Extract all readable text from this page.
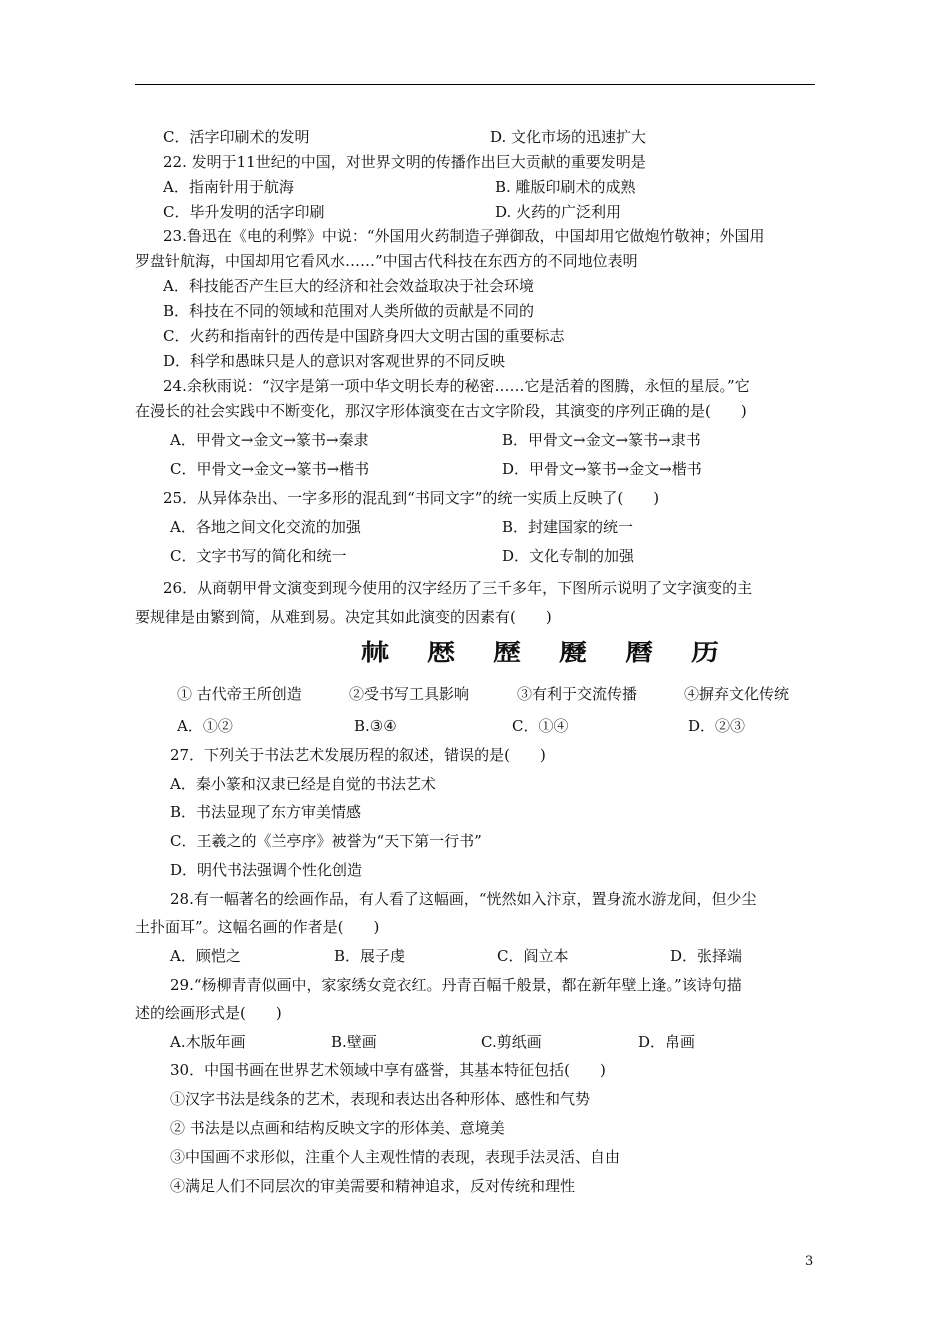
C．活字印刷术的发明	D. 文化市场的迅速扩大
22. 发明于11世纪的中国，对世界文明的传播作出巨大贡献的重要发明是
A．指南针用于航海	B. 雕版印刷术的成熟
C．毕升发明的活字印刷	D. 火药的广泛利用
23.鲁迅在《电的利弊》中说：“外国用火药制造子弹御敌，中国却用它做炮竹敬神；外国用
罗盘针航海，中国却用它看风水……”中国古代科技在东西方的不同地位表明
A．科技能否产生巨大的经济和社会效益取决于社会环境
B．科技在不同的领域和范围对人类所做的贡献是不同的
C．火药和指南针的西传是中国跻身四大文明古国的重要标志
D．科学和愚昧只是人的意识对客观世界的不同反映
24.余秋雨说：“汉字是第一项中华文明长寿的秘密……它是活着的图腾，永恒的星辰。”它
在漫长的社会实践中不断变化，那汉字形体演变在古文字阶段，其演变的序列正确的是(　　)
A．甲骨文→金文→篆书→秦隶	B．甲骨文→金文→篆书→隶书
C．甲骨文→金文→篆书→楷书	D．甲骨文→篆书→金文→楷书
25．从异体杂出、一字多形的混乱到“书同文字”的统一实质上反映了(　　)
A．各地之间文化交流的加强	B．封建国家的统一
C．文字书写的简化和统一	D．文化专制的加强
26．从商朝甲骨文演变到现今使用的汉字经历了三千多年，下图所示说明了文字演变的主
要规律是由繁到简，从难到易。决定其如此演变的因素有(　　)
𣏟 厯 歷 㽁 曆 历
① 古代帝王所创造	②受书写工具影响	③有利于交流传播	④摒弃文化传统
A．①②	B.③④	C．①④	D．②③
27．下列关于书法艺术发展历程的叙述，错误的是(　　)
A．秦小篆和汉隶已经是自觉的书法艺术
B．书法显现了东方审美情感
C．王羲之的《兰亭序》被誉为“天下第一行书”
D．明代书法强调个性化创造
28.有一幅著名的绘画作品，有人看了这幅画，“恍然如入汴京，置身流水游龙间，但少尘
土扑面耳”。这幅名画的作者是(　　)
A．顾恺之	B．展子虔	C．阎立本	D．张择端
29.“杨柳青青似画中，家家绣女竞衣红。丹青百幅千般景，都在新年壁上逢。”该诗句描
述的绘画形式是(　　)
A.木版年画	B.壁画	C.剪纸画	D．帛画
30．中国书画在世界艺术领域中享有盛誉，其基本特征包括(　　)
①汉字书法是线条的艺术，表现和表达出各种形体、感性和气势
② 书法是以点画和结构反映文字的形体美、意境美
③中国画不求形似，注重个人主观性情的表现，表现手法灵活、自由
④满足人们不同层次的审美需要和精神追求，反对传统和理性
3
